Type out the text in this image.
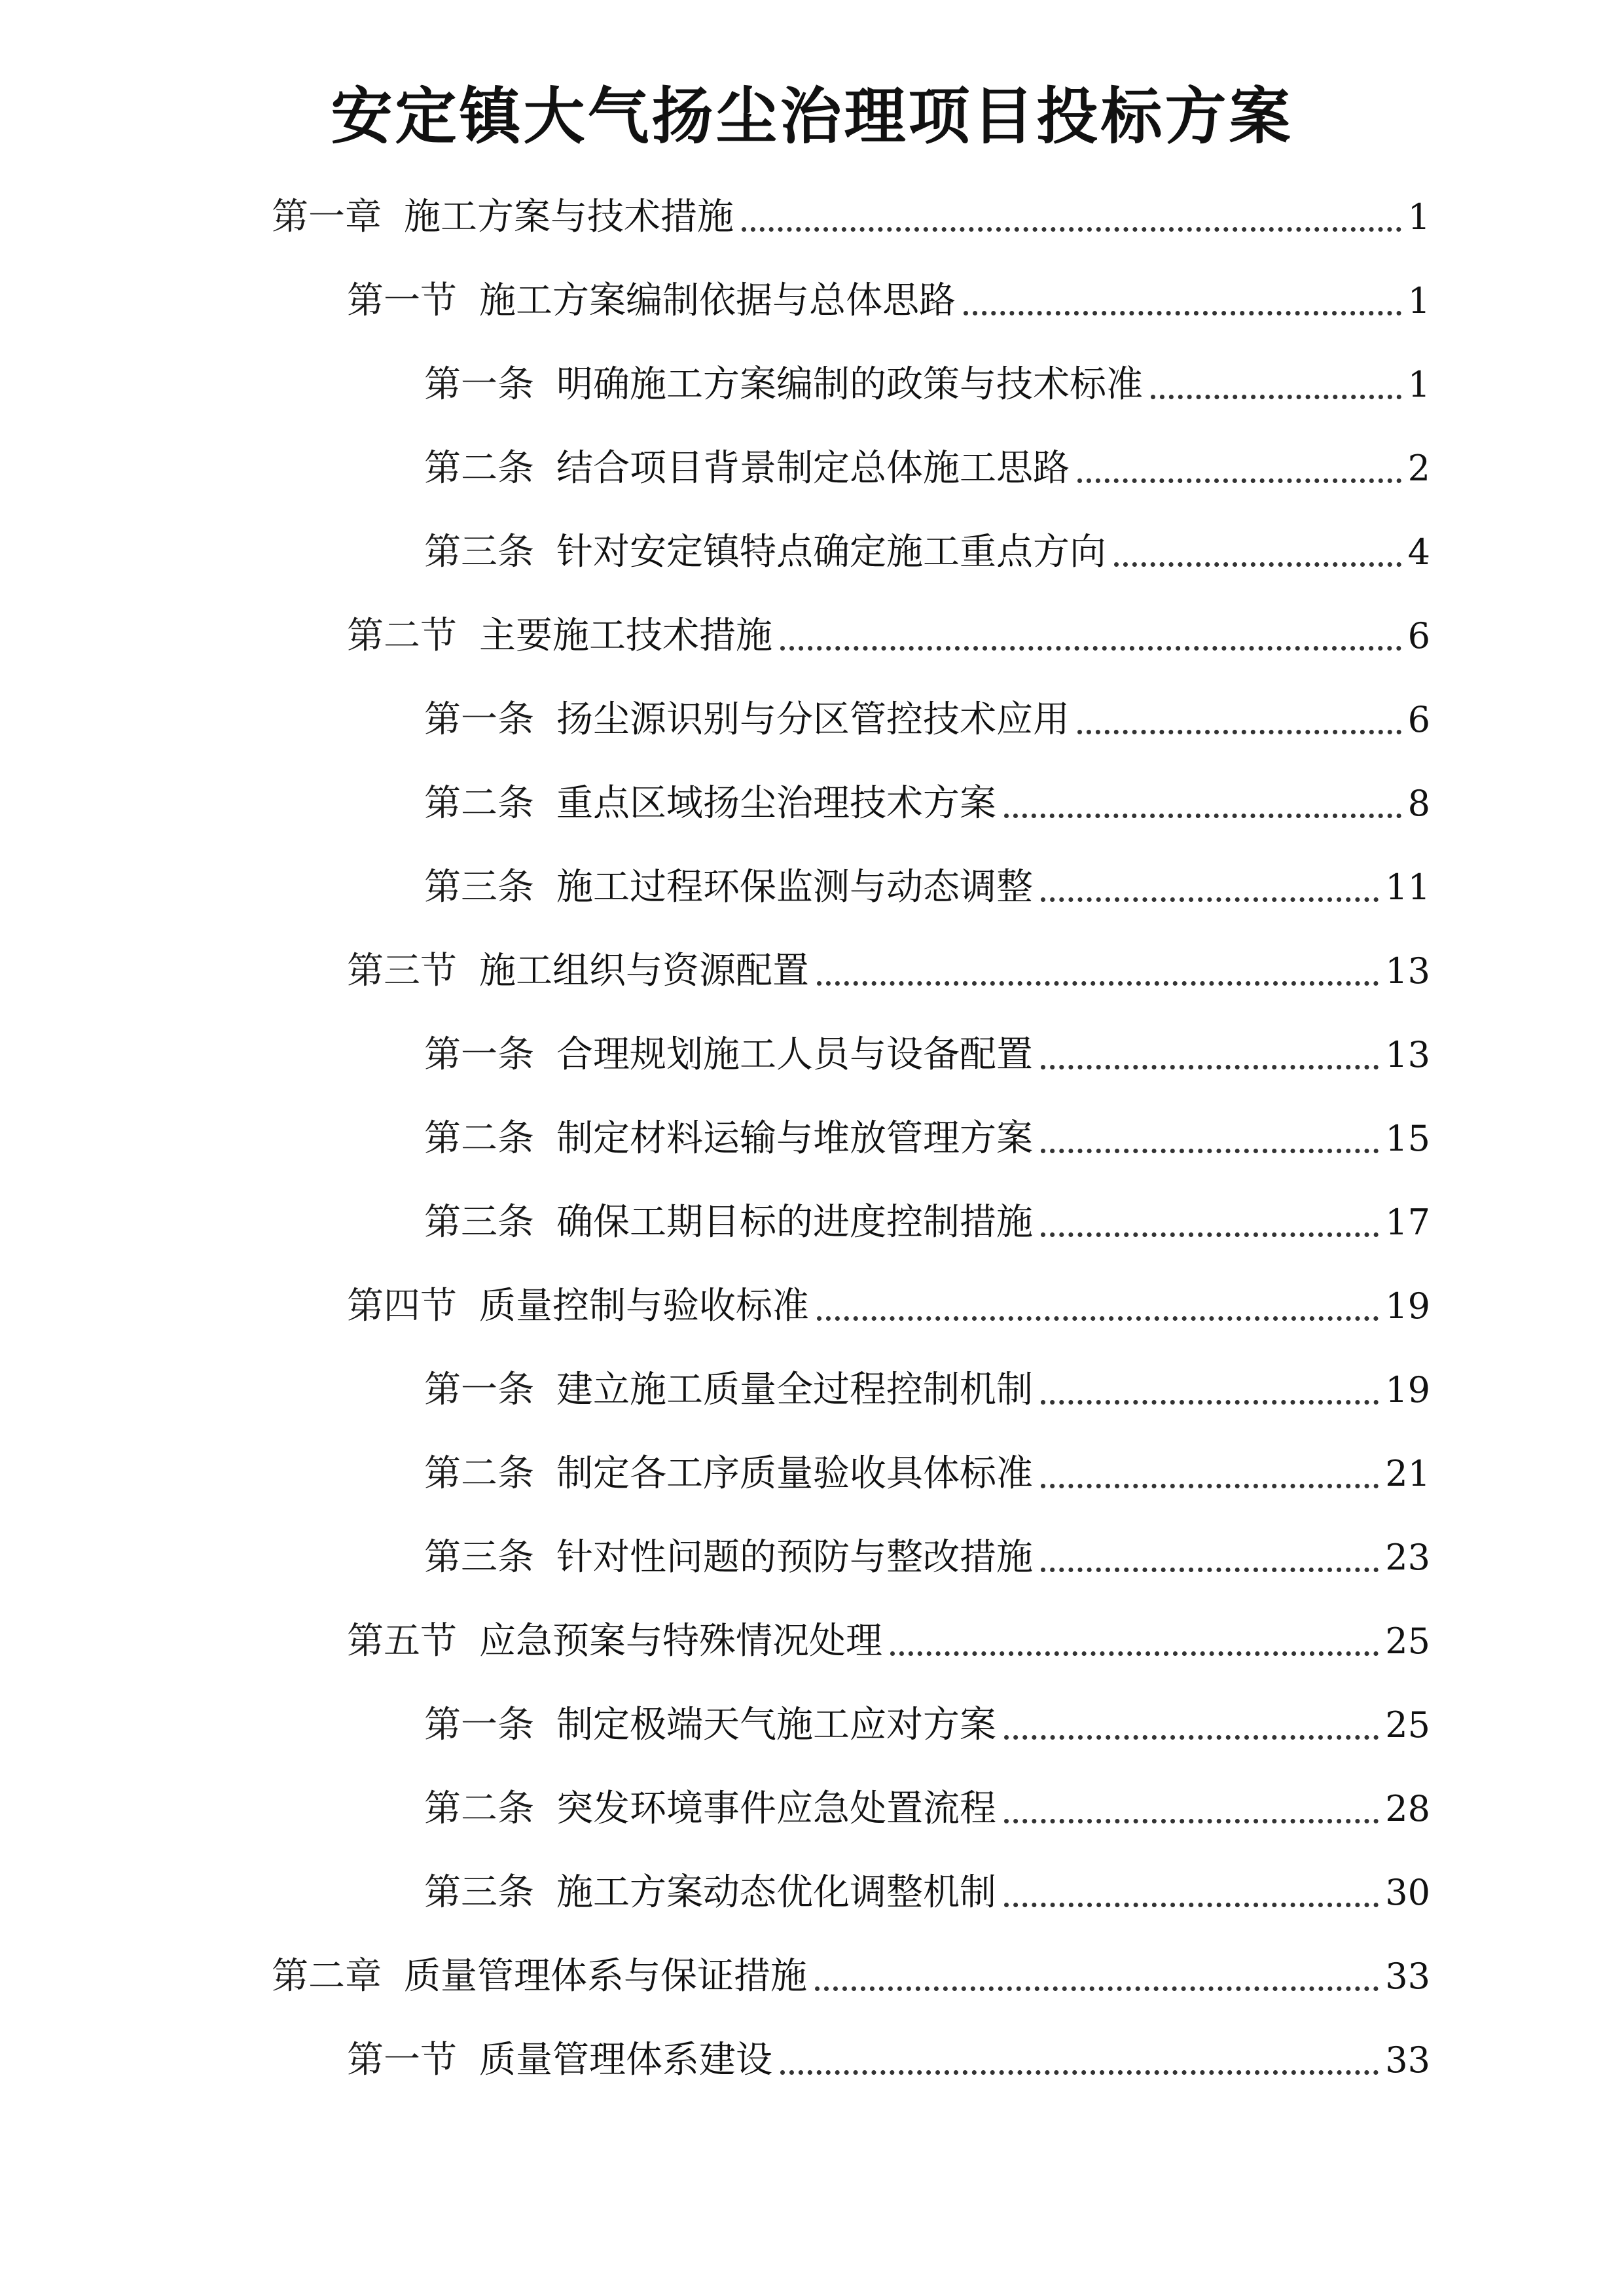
安定镇大气扬尘治理项目投标方案
第一章 施工方案与技术措施	1
第一节 施工方案编制依据与总体思路	1
第一条 明确施工方案编制的政策与技术标准	1
第二条 结合项目背景制定总体施工思路	2
第三条 针对安定镇特点确定施工重点方向	4
第二节 主要施工技术措施	6
第一条 扬尘源识别与分区管控技术应用	6
第二条 重点区域扬尘治理技术方案	8
第三条 施工过程环保监测与动态调整	11
第三节 施工组织与资源配置	13
第一条 合理规划施工人员与设备配置	13
第二条 制定材料运输与堆放管理方案	15
第三条 确保工期目标的进度控制措施	17
第四节 质量控制与验收标准	19
第一条 建立施工质量全过程控制机制	19
第二条 制定各工序质量验收具体标准	21
第三条 针对性问题的预防与整改措施	23
第五节 应急预案与特殊情况处理	25
第一条 制定极端天气施工应对方案	25
第二条 突发环境事件应急处置流程	28
第三条 施工方案动态优化调整机制	30
第二章 质量管理体系与保证措施	33
第一节 质量管理体系建设	33
